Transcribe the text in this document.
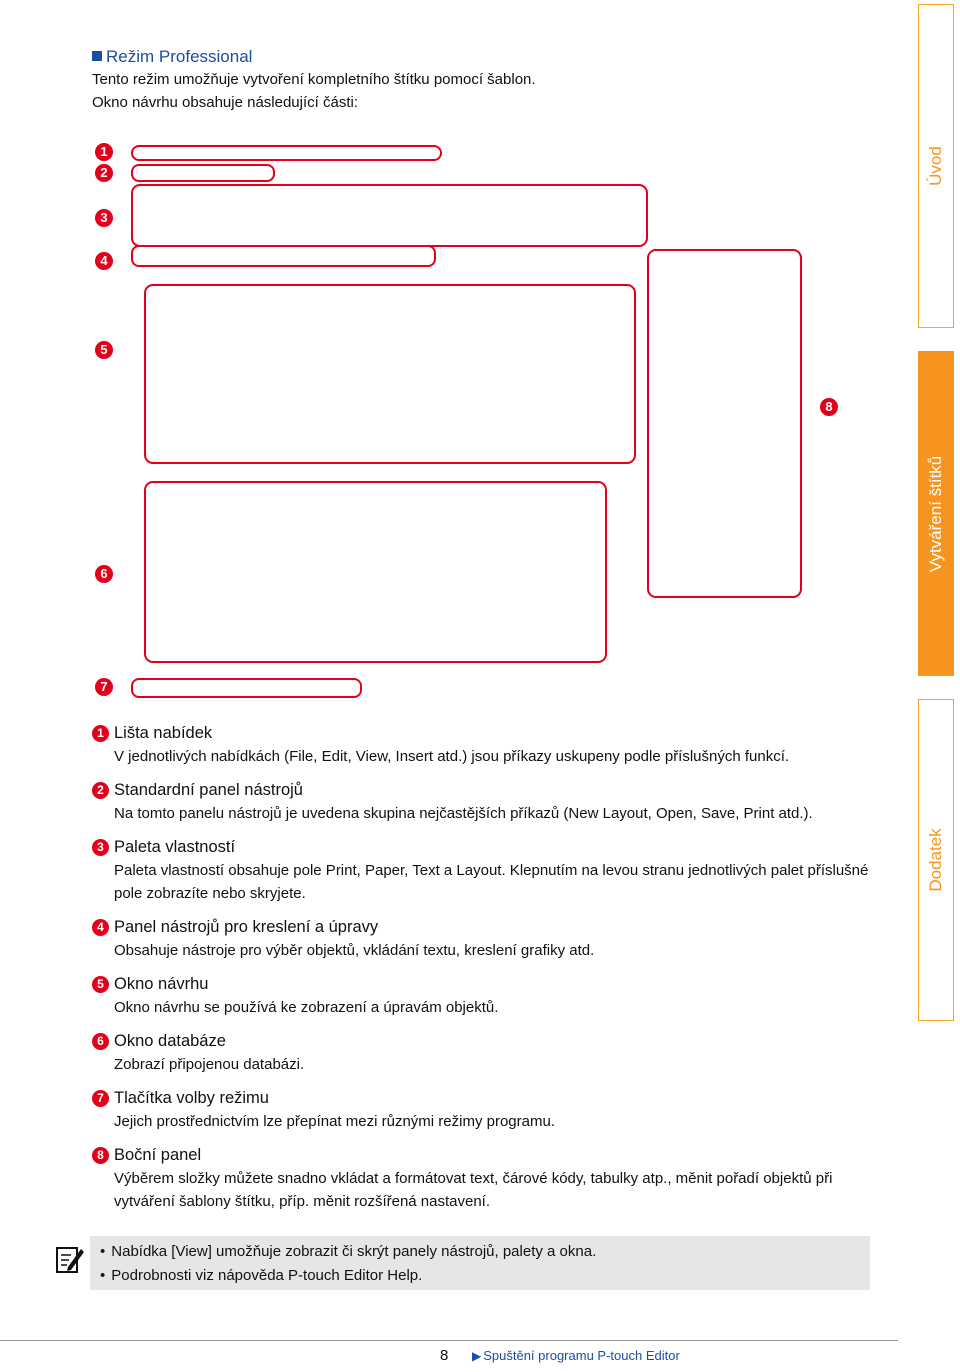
Režim Professional
Tento režim umožňuje vytvoření kompletního štítku pomocí šablon.
Okno návrhu obsahuje následující části:
1
2
3
4
5
6
7
8
1 Lišta nabídek
V jednotlivých nabídkách (File, Edit, View, Insert atd.) jsou příkazy uskupeny podle příslušných funkcí.
2 Standardní panel nástrojů
Na tomto panelu nástrojů je uvedena skupina nejčastějších příkazů (New Layout, Open, Save, Print atd.).
3 Paleta vlastností
Paleta vlastností obsahuje pole Print, Paper, Text a Layout. Klepnutím na levou stranu jednotlivých palet příslušné pole zobrazíte nebo skryjete.
4 Panel nástrojů pro kreslení a úpravy
Obsahuje nástroje pro výběr objektů, vkládání textu, kreslení grafiky atd.
5 Okno návrhu
Okno návrhu se používá ke zobrazení a úpravám objektů.
6 Okno databáze
Zobrazí připojenou databázi.
7 Tlačítka volby režimu
Jejich prostřednictvím lze přepínat mezi různými režimy programu.
8 Boční panel
Výběrem složky můžete snadno vkládat a formátovat text, čárové kódy, tabulky atp., měnit pořadí objektů při vytváření šablony štítku, příp. měnit rozšířená nastavení.
• Nabídka [View] umožňuje zobrazit či skrýt panely nástrojů, palety a okna.
• Podrobnosti viz nápověda P-touch Editor Help.
Úvod
Vytváření štítků
Dodatek
8 ▶ Spuštění programu P-touch Editor
